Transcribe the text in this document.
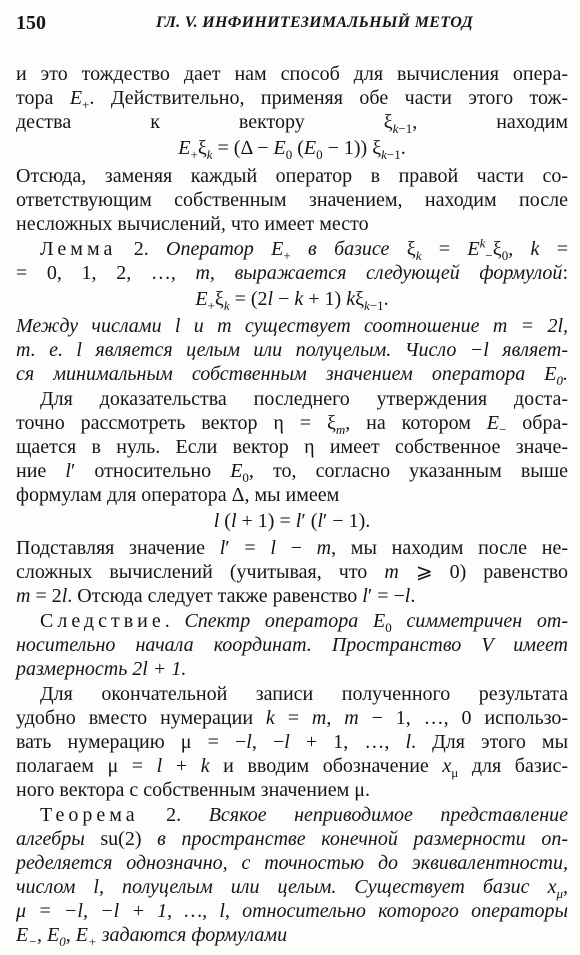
150	ГЛ. V. ИНФИНИТЕЗИМАЛЬНЫЙ МЕТОД
и это тождество дает нам способ для вычисления опера-
тора $E_+$. Действительно, применяя обе части этого тож-
дества к вектору $\xi_{k-1}$, находим
$E_+\xi_k = (\Delta - E_0$ $(E_0 - 1)$) $\xi_{k-1}$.
Отсюда, заменяя каждый оператор в правой части со-
ответствующим собственным значением, находим после
несложных вычислений, что имеет место
Лемма 2. Оператор $E_+$ в базисе $\xi_k = E^k_-\xi_0$, k =
= 0, 1, 2, …, m, выражается следующей формулой:
$E_+\xi_k = (2l - k + 1)$ $k\xi_{k-1}$.
Между числами l и m существует соотношение m = 2l,
т. е. l является целым или полуцелым. Число −l являет-
ся минимальным собственным значением оператора $E_0$.
Для доказательства последнего утверждения доста-
точно рассмотреть вектор $\eta = \xi_m$, на котором $E_-$ обра-
щается в нуль. Если вектор η имеет собственное значе-
ние l′ относительно $E_0$, то, согласно указанным выше
формулам для оператора Δ, мы имеем
l (l + 1) = l′ (l′ − 1).
Подставляя значение l′ = l − m, мы находим после не-
сложных вычислений (учитывая, что m ⩾ 0) равенство
m = 2l. Отсюда следует также равенство l′ = −l.
Следствие. Спектр оператора $E_0$ симметричен от-
носительно начала координат. Пространство V имеет
размерность 2l + 1.
Для окончательной записи полученного результата
удобно вместо нумерации k = m, m − 1, …, 0 использо-
вать нумерацию μ = −l, −l + 1, …, l. Для этого мы
полагаем μ = l + k и вводим обозначение $x_\mu$ для базис-
ного вектора с собственным значением μ.
Теорема 2. Всякое неприводимое представление
алгебры su(2) в пространстве конечной размерности оп-
ределяется однозначно, с точностью до эквивалентности,
числом l, полуцелым или целым. Существует базис $x_\mu$,
μ = −l, −l + 1, …, l, относительно которого операторы
$E_-$, $E_0$, $E_+$ задаются формулами
